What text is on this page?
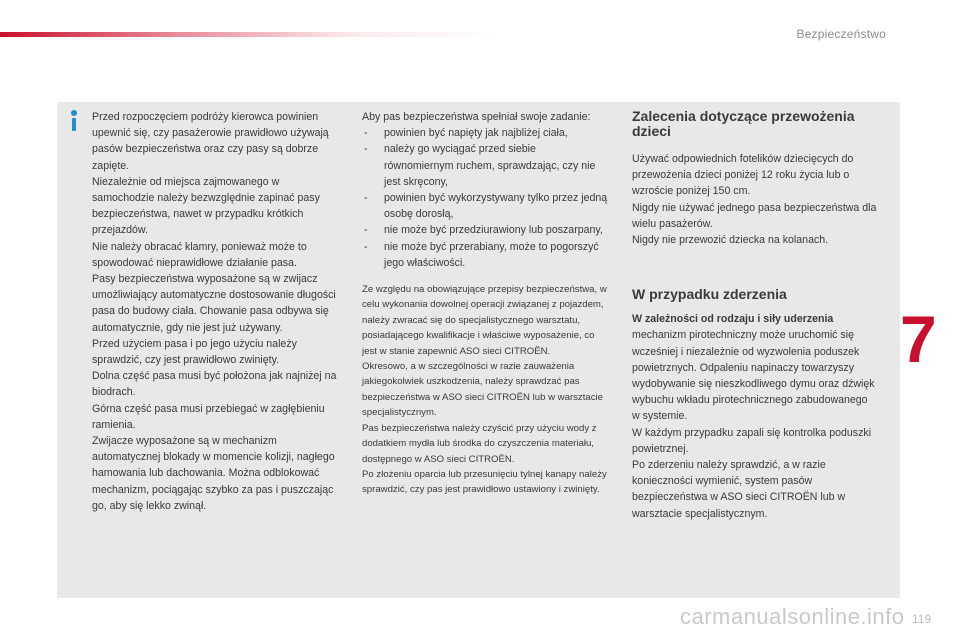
Bezpieczeństwo

Przed rozpoczęciem podróży kierowca powinien upewnić się, czy pasażerowie prawidłowo używają pasów bezpieczeństwa oraz czy pasy są dobrze zapięte.

Niezależnie od miejsca zajmowanego w samochodzie należy bezwzględnie zapinać pasy bezpieczeństwa, nawet w przypadku krótkich przejazdów.

Nie należy obracać klamry, ponieważ może to spowodować nieprawidłowe działanie pasa.

Pasy bezpieczeństwa wyposażone są w zwijacz umożliwiający automatyczne dostosowanie długości pasa do budowy ciała. Chowanie pasa odbywa się automatycznie, gdy nie jest już używany.

Przed użyciem pasa i po jego użyciu należy sprawdzić, czy jest prawidłowo zwinięty.

Dolna część pasa musi być położona jak najniżej na biodrach.

Górna część pasa musi przebiegać w zagłębieniu ramienia.

Zwijacze wyposażone są w mechanizm automatycznej blokady w momencie kolizji, nagłego hamowania lub dachowania. Można odblokować mechanizm, pociągając szybko za pas i puszczając go, aby się lekko zwinął.

Aby pas bezpieczeństwa spełniał swoje zadanie:

- powinien być napięty jak najbliżej ciała,
- należy go wyciągać przed siebie równomiernym ruchem, sprawdzając, czy nie jest skręcony,
- powinien być wykorzystywany tylko przez jedną osobę dorosłą,
- nie może być przedziurawiony lub poszarpany,
- nie może być przerabiany, może to pogorszyć jego właściwości.

Ze względu na obowiązujące przepisy bezpieczeństwa, w celu wykonania dowolnej operacji związanej z pojazdem, należy zwracać się do specjalistycznego warsztatu, posiadającego kwalifikacje i właściwe wyposażenie, co jest w stanie zapewnić ASO sieci CITROËN.

Okresowo, a w szczególności w razie zauważenia jakiegokolwiek uszkodzenia, należy sprawdzać pas bezpieczeństwa w ASO sieci CITROËN lub w warsztacie specjalistycznym.

Pas bezpieczeństwa należy czyścić przy użyciu wody z dodatkiem mydła lub środka do czyszczenia materiału, dostępnego w ASO sieci CITROËN.

Po złożeniu oparcia lub przesunięciu tylnej kanapy należy sprawdzić, czy pas jest prawidłowo ustawiony i zwinięty.

Zalecenia dotyczące przewożenia dzieci

Używać odpowiednich fotelików dziecięcych do przewożenia dzieci poniżej 12 roku życia lub o wzroście poniżej 150 cm.

Nigdy nie używać jednego pasa bezpieczeństwa dla wielu pasażerów.

Nigdy nie przewozić dziecka na kolanach.

W przypadku zderzenia

W zależności od rodzaju i siły uderzenia mechanizm pirotechniczny może uruchomić się wcześniej i niezależnie od wyzwolenia poduszek powietrznych. Odpaleniu napinaczy towarzyszy wydobywanie się nieszkodliwego dymu oraz dźwięk wybuchu wkładu pirotechnicznego zabudowanego w systemie.

W każdym przypadku zapali się kontrolka poduszki powietrznej.

Po zderzeniu należy sprawdzić, a w razie konieczności wymienić, system pasów bezpieczeństwa w ASO sieci CITROËN lub w warsztacie specjalistycznym.

7
119
carmanualsonline.info
